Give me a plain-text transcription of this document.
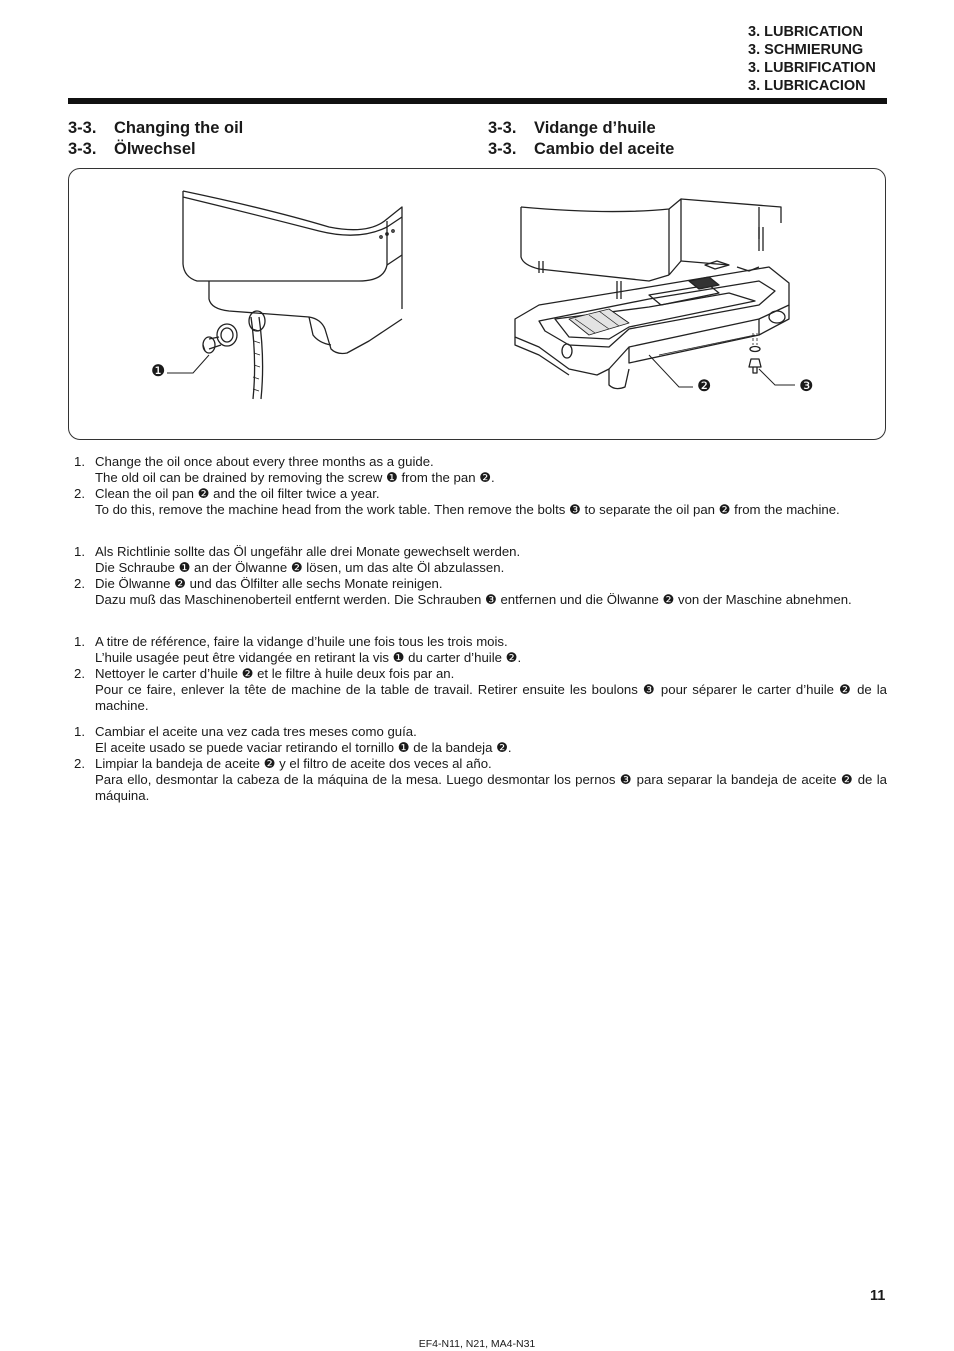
3. LUBRICATION
3. SCHMIERUNG
3. LUBRIFICATION
3. LUBRICACION
3-3. Changing the oil
3-3. Ölwechsel
3-3. Vidange d’huile
3-3. Cambio del aceite
❶
❷	❸
1. Change the oil once about every three months as a guide.
The old oil can be drained by removing the screw ❶ from the pan ❷.
2. Clean the oil pan ❷ and the oil filter twice a year.
To do this, remove the machine head from the work table. Then remove the bolts ❸ to separate the oil pan ❷ from the machine.
1. Als Richtlinie sollte das Öl ungefähr alle drei Monate gewechselt werden.
Die Schraube ❶ an der Ölwanne ❷ lösen, um das alte Öl abzulassen.
2. Die Ölwanne ❷ und das Ölfilter alle sechs Monate reinigen.
Dazu muß das Maschinenoberteil entfernt werden. Die Schrauben ❸ entfernen und die Ölwanne ❷ von der Maschine abnehmen.
1. A titre de référence, faire la vidange d’huile une fois tous les trois mois.
L’huile usagée peut être vidangée en retirant la vis ❶ du carter d’huile ❷.
2. Nettoyer le carter d’huile ❷ et le filtre à huile deux fois par an.
Pour ce faire, enlever la tête de machine de la table de travail. Retirer ensuite les boulons ❸ pour séparer le carter d’huile ❷ de la machine.
1. Cambiar el aceite una vez cada tres meses como guía.
El aceite usado se puede vaciar retirando el tornillo ❶ de la bandeja ❷.
2. Limpiar la bandeja de aceite ❷ y el filtro de aceite dos veces al año.
Para ello, desmontar la cabeza de la máquina de la mesa. Luego desmontar los pernos ❸ para separar la bandeja de aceite ❷ de la máquina.
11
EF4-N11, N21, MA4-N31
